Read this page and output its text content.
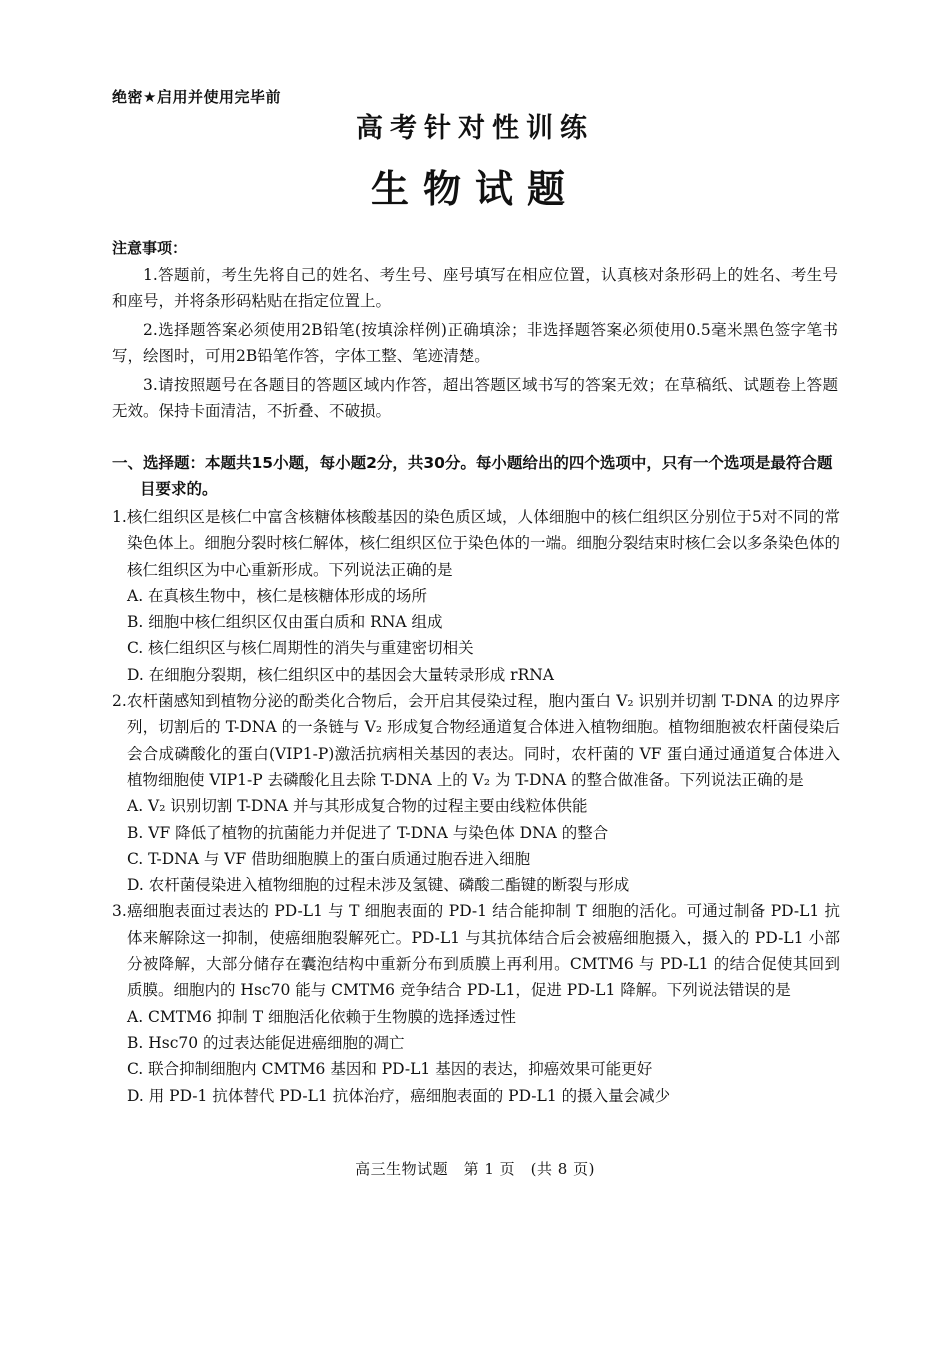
绝密★启用并使用完毕前
高考针对性训练
生物试题
注意事项：

1.答题前，考生先将自己的姓名、考生号、座号填写在相应位置，认真核对条形码上的姓名、考生号和座号，并将条形码粘贴在指定位置上。

2.选择题答案必须使用2B铅笔(按填涂样例)正确填涂；非选择题答案必须使用0.5毫米黑色签字笔书写，绘图时，可用2B铅笔作答，字体工整、笔迹清楚。

3.请按照题号在各题目的答题区域内作答，超出答题区域书写的答案无效；在草稿纸、试题卷上答题无效。保持卡面清洁，不折叠、不破损。

一、选择题：本题共15小题，每小题2分，共30分。每小题给出的四个选项中，只有一个选项是最符合题目要求的。

1.核仁组织区是核仁中富含核糖体核酸基因的染色质区域，人体细胞中的核仁组织区分别位于5对不同的常染色体上。细胞分裂时核仁解体，核仁组织区位于染色体的一端。细胞分裂结束时核仁会以多条染色体的核仁组织区为中心重新形成。下列说法正确的是

A. 在真核生物中，核仁是核糖体形成的场所

B. 细胞中核仁组织区仅由蛋白质和 RNA 组成

C. 核仁组织区与核仁周期性的消失与重建密切相关

D. 在细胞分裂期，核仁组织区中的基因会大量转录形成 rRNA

2.农杆菌感知到植物分泌的酚类化合物后，会开启其侵染过程，胞内蛋白 V₂ 识别并切割 T-DNA 的边界序列，切割后的 T-DNA 的一条链与 V₂ 形成复合物经通道复合体进入植物细胞。植物细胞被农杆菌侵染后会合成磷酸化的蛋白(VIP1-P)激活抗病相关基因的表达。同时，农杆菌的 VF 蛋白通过通道复合体进入植物细胞使 VIP1-P 去磷酸化且去除 T-DNA 上的 V₂ 为 T-DNA 的整合做准备。下列说法正确的是

A. V₂ 识别切割 T-DNA 并与其形成复合物的过程主要由线粒体供能

B. VF 降低了植物的抗菌能力并促进了 T-DNA 与染色体 DNA 的整合

C. T-DNA 与 VF 借助细胞膜上的蛋白质通过胞吞进入细胞

D. 农杆菌侵染进入植物细胞的过程未涉及氢键、磷酸二酯键的断裂与形成

3.癌细胞表面过表达的 PD-L1 与 T 细胞表面的 PD-1 结合能抑制 T 细胞的活化。可通过制备 PD-L1 抗体来解除这一抑制，使癌细胞裂解死亡。PD-L1 与其抗体结合后会被癌细胞摄入，摄入的 PD-L1 小部分被降解，大部分储存在囊泡结构中重新分布到质膜上再利用。CMTM6 与 PD-L1 的结合促使其回到质膜。细胞内的 Hsc70 能与 CMTM6 竞争结合 PD-L1，促进 PD-L1 降解。下列说法错误的是

A. CMTM6 抑制 T 细胞活化依赖于生物膜的选择透过性

B. Hsc70 的过表达能促进癌细胞的凋亡

C. 联合抑制细胞内 CMTM6 基因和 PD-L1 基因的表达，抑癌效果可能更好

D. 用 PD-1 抗体替代 PD-L1 抗体治疗，癌细胞表面的 PD-L1 的摄入量会减少

高三生物试题　第 1 页　(共 8 页)
